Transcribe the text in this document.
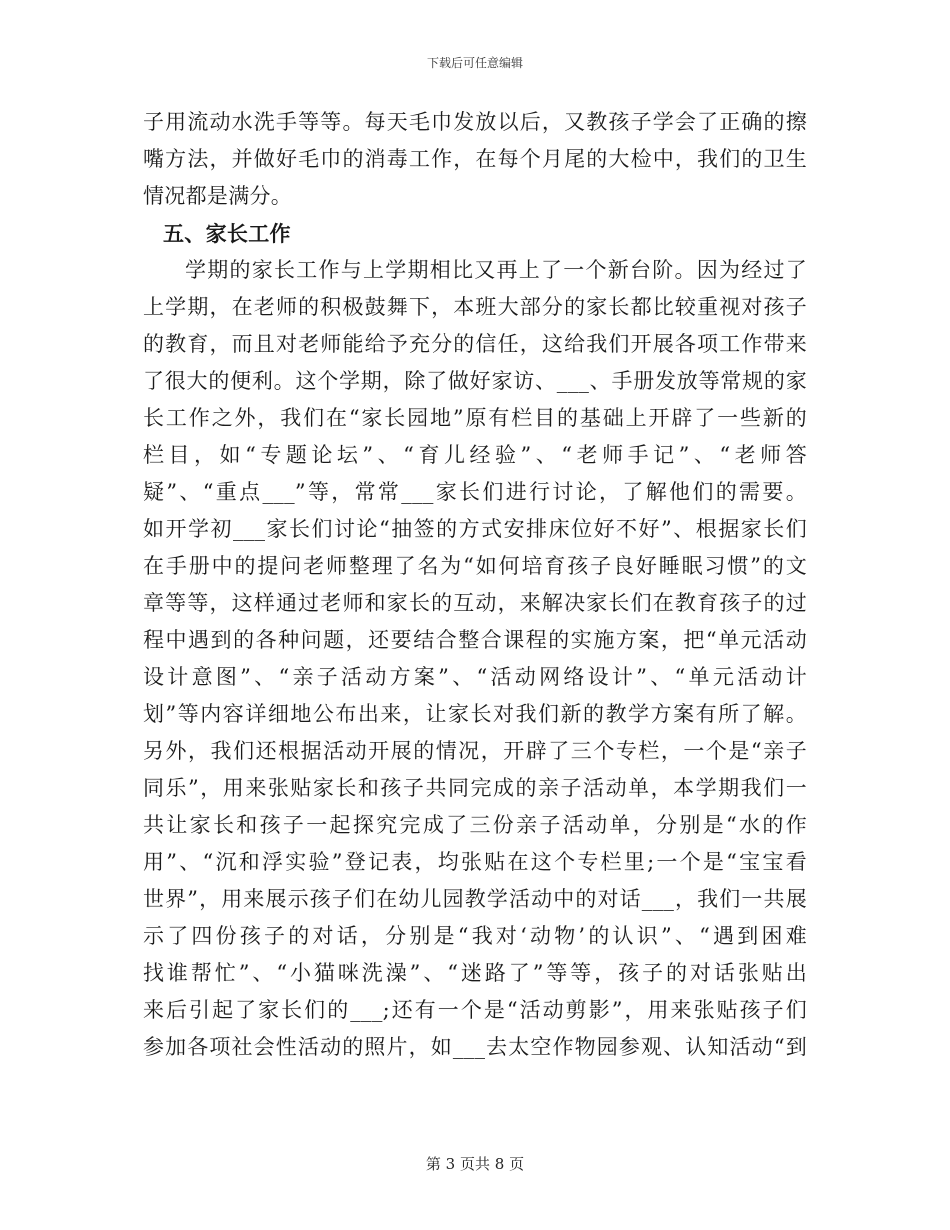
下载后可任意编辑
子用流动水洗手等等。每天毛巾发放以后，又教孩子学会了正确的擦
嘴方法，并做好毛巾的消毒工作，在每个月尾的大检中，我们的卫生
情况都是满分。
五、家长工作
学期的家长工作与上学期相比又再上了一个新台阶。因为经过了
上学期，在老师的积极鼓舞下，本班大部分的家长都比较重视对孩子
的教育，而且对老师能给予充分的信任，这给我们开展各项工作带来
了很大的便利。这个学期，除了做好家访、___、手册发放等常规的家
长工作之外，我们在“家长园地”原有栏目的基础上开辟了一些新的
栏目，如“专题论坛”、“育儿经验”、“老师手记”、“老师答
疑”、“重点___”等，常常___家长们进行讨论，了解他们的需要。
如开学初___家长们讨论“抽签的方式安排床位好不好”、根据家长们
在手册中的提问老师整理了名为“如何培育孩子良好睡眠习惯”的文
章等等，这样通过老师和家长的互动，来解决家长们在教育孩子的过
程中遇到的各种问题，还要结合整合课程的实施方案，把“单元活动
设计意图”、“亲子活动方案”、“活动网络设计”、“单元活动计
划”等内容详细地公布出来，让家长对我们新的教学方案有所了解。
另外，我们还根据活动开展的情况，开辟了三个专栏，一个是“亲子
同乐”，用来张贴家长和孩子共同完成的亲子活动单，本学期我们一
共让家长和孩子一起探究完成了三份亲子活动单，分别是“水的作
用”、“沉和浮实验”登记表，均张贴在这个专栏里;一个是“宝宝看
世界”，用来展示孩子们在幼儿园教学活动中的对话___，我们一共展
示了四份孩子的对话，分别是“我对‘动物’的认识”、“遇到困难
找谁帮忙”、“小猫咪洗澡”、“迷路了”等等，孩子的对话张贴出
来后引起了家长们的___;还有一个是“活动剪影”，用来张贴孩子们
参加各项社会性活动的照片，如___去太空作物园参观、认知活动“到
第 3 页共 8 页
